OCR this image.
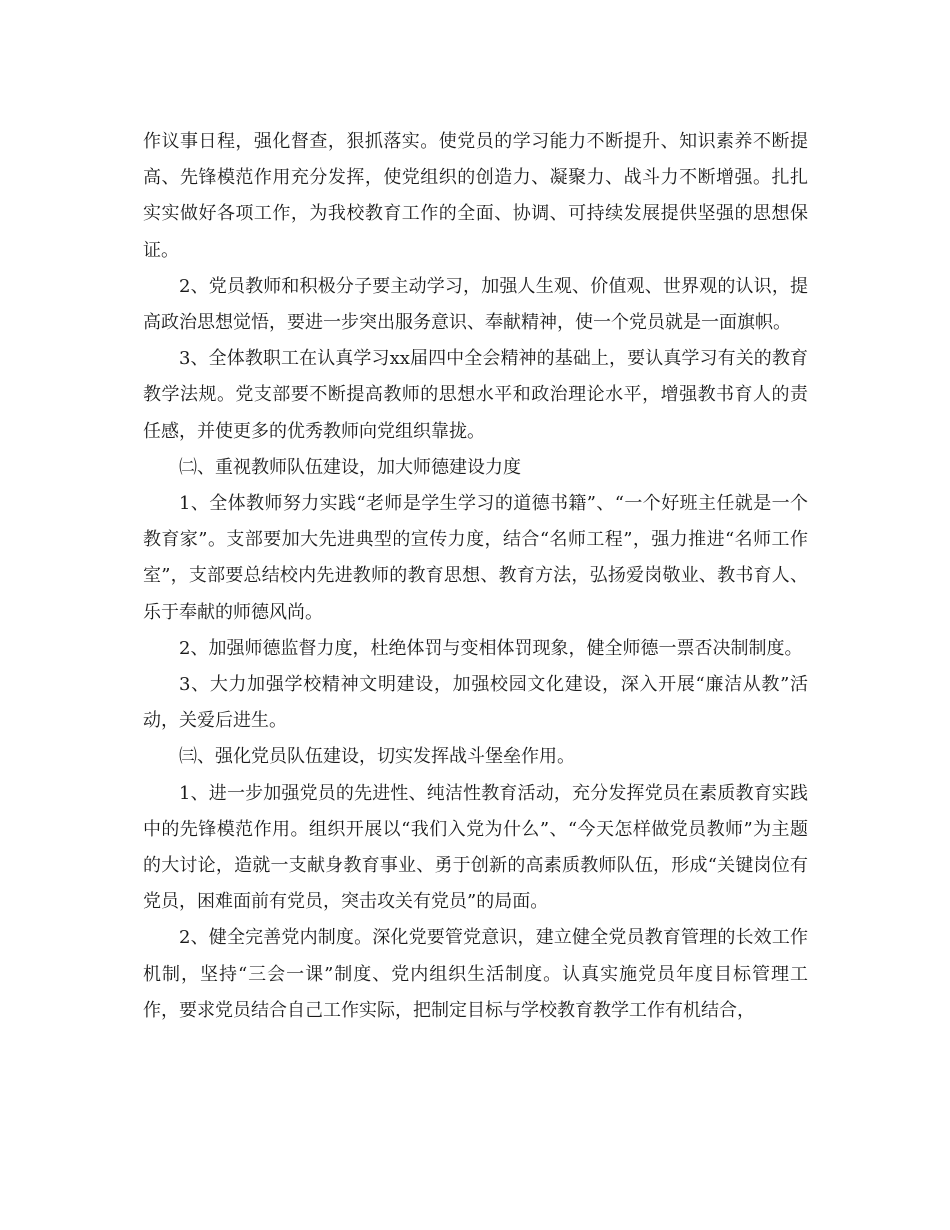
作议事日程，强化督查，狠抓落实。使党员的学习能力不断提升、知识素养不断提高、先锋模范作用充分发挥，使党组织的创造力、凝聚力、战斗力不断增强。扎扎实实做好各项工作，为我校教育工作的全面、协调、可持续发展提供坚强的思想保证。

2、党员教师和积极分子要主动学习，加强人生观、价值观、世界观的认识，提高政治思想觉悟，要进一步突出服务意识、奉献精神，使一个党员就是一面旗帜。

3、全体教职工在认真学习xx届四中全会精神的基础上，要认真学习有关的教育教学法规。党支部要不断提高教师的思想水平和政治理论水平，增强教书育人的责任感，并使更多的优秀教师向党组织靠拢。

㈡、重视教师队伍建设，加大师德建设力度

1、全体教师努力实践“老师是学生学习的道德书籍”、“一个好班主任就是一个教育家”。支部要加大先进典型的宣传力度，结合“名师工程”，强力推进“名师工作室”，支部要总结校内先进教师的教育思想、教育方法，弘扬爱岗敬业、教书育人、乐于奉献的师德风尚。

2、加强师德监督力度，杜绝体罚与变相体罚现象，健全师德一票否决制制度。

3、大力加强学校精神文明建设，加强校园文化建设，深入开展“廉洁从教”活动，关爱后进生。

㈢、强化党员队伍建设，切实发挥战斗堡垒作用。

1、进一步加强党员的先进性、纯洁性教育活动，充分发挥党员在素质教育实践中的先锋模范作用。组织开展以“我们入党为什么”、“今天怎样做党员教师”为主题的大讨论，造就一支献身教育事业、勇于创新的高素质教师队伍，形成“关键岗位有党员，困难面前有党员，突击攻关有党员”的局面。

2、健全完善党内制度。深化党要管党意识，建立健全党员教育管理的长效工作机制，坚持“三会一课”制度、党内组织生活制度。认真实施党员年度目标管理工作，要求党员结合自己工作实际，把制定目标与学校教育教学工作有机结合，
